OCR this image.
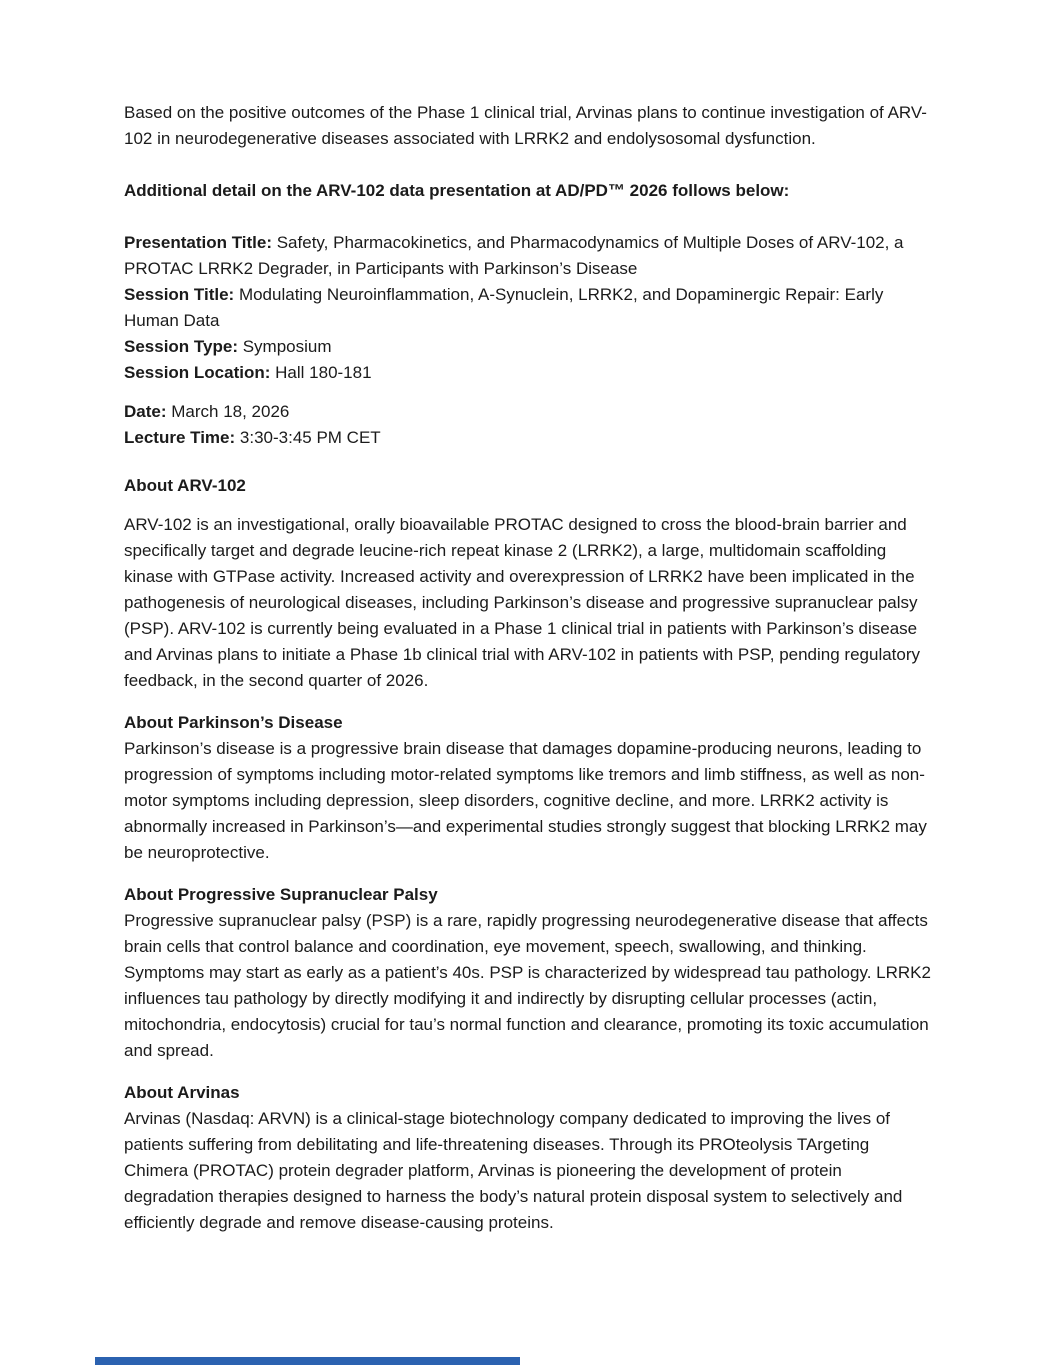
Based on the positive outcomes of the Phase 1 clinical trial, Arvinas plans to continue investigation of ARV-102 in neurodegenerative diseases associated with LRRK2 and endolysosomal dysfunction.

Additional detail on the ARV-102 data presentation at AD/PD™ 2026 follows below:

Presentation Title: Safety, Pharmacokinetics, and Pharmacodynamics of Multiple Doses of ARV-102, a PROTAC LRRK2 Degrader, in Participants with Parkinson’s Disease
Session Title: Modulating Neuroinflammation, A-Synuclein, LRRK2, and Dopaminergic Repair: Early Human Data
Session Type: Symposium
Session Location: Hall 180-181
Date: March 18, 2026
Lecture Time: 3:30-3:45 PM CET
About ARV-102

ARV-102 is an investigational, orally bioavailable PROTAC designed to cross the blood-brain barrier and specifically target and degrade leucine-rich repeat kinase 2 (LRRK2), a large, multidomain scaffolding kinase with GTPase activity. Increased activity and overexpression of LRRK2 have been implicated in the pathogenesis of neurological diseases, including Parkinson’s disease and progressive supranuclear palsy (PSP). ARV-102 is currently being evaluated in a Phase 1 clinical trial in patients with Parkinson’s disease and Arvinas plans to initiate a Phase 1b clinical trial with ARV-102 in patients with PSP, pending regulatory feedback, in the second quarter of 2026.

About Parkinson’s Disease

Parkinson’s disease is a progressive brain disease that damages dopamine-producing neurons, leading to progression of symptoms including motor-related symptoms like tremors and limb stiffness, as well as non-motor symptoms including depression, sleep disorders, cognitive decline, and more. LRRK2 activity is abnormally increased in Parkinson’s—and experimental studies strongly suggest that blocking LRRK2 may be neuroprotective.

About Progressive Supranuclear Palsy

Progressive supranuclear palsy (PSP) is a rare, rapidly progressing neurodegenerative disease that affects brain cells that control balance and coordination, eye movement, speech, swallowing, and thinking. Symptoms may start as early as a patient’s 40s. PSP is characterized by widespread tau pathology. LRRK2 influences tau pathology by directly modifying it and indirectly by disrupting cellular processes (actin, mitochondria, endocytosis) crucial for tau’s normal function and clearance, promoting its toxic accumulation and spread.

About Arvinas

Arvinas (Nasdaq: ARVN) is a clinical-stage biotechnology company dedicated to improving the lives of patients suffering from debilitating and life-threatening diseases. Through its PROteolysis TArgeting Chimera (PROTAC) protein degrader platform, Arvinas is pioneering the development of protein degradation therapies designed to harness the body’s natural protein disposal system to selectively and efficiently degrade and remove disease-causing proteins.
